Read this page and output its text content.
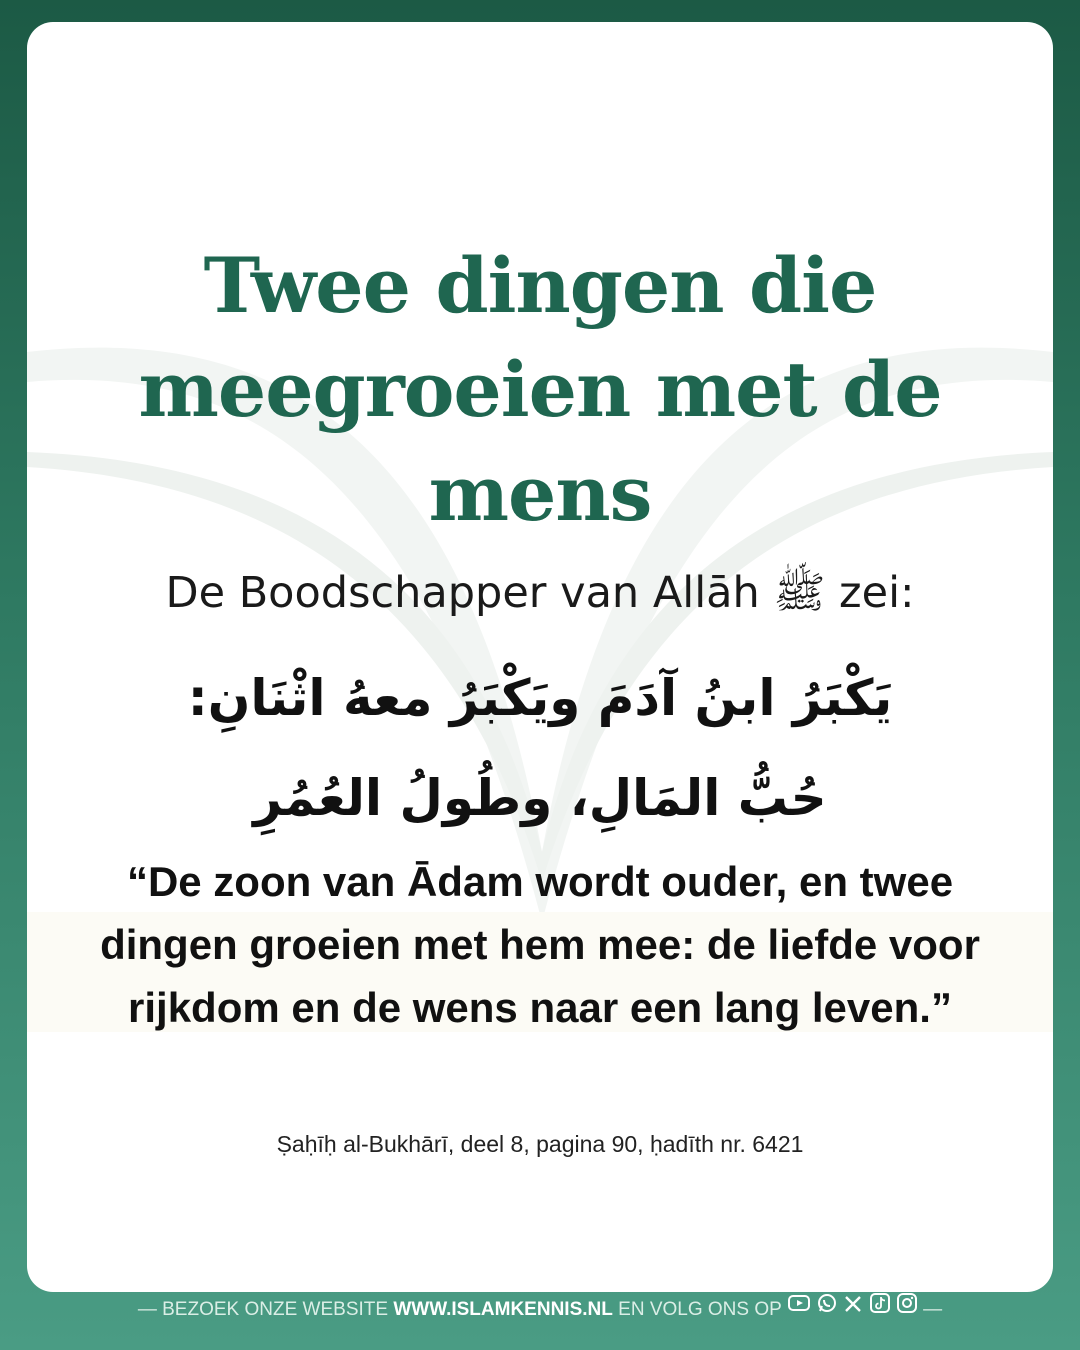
Twee dingen die meegroeien met de mens
De Boodschapper van Allāh ﷺ zei:
يَكْبَرُ ابنُ آدَمَ ويَكْبَرُ معهُ اثْنَانِ:
حُبُّ المَالِ، وطُولُ العُمُرِ
“De zoon van Ādam wordt ouder, en twee dingen groeien met hem mee: de liefde voor rijkdom en de wens naar een lang leven.”
Ṣaḥīḥ al-Bukhārī, deel 8, pagina 90, ḥadīth nr. 6421
— BEZOEK ONZE WEBSITE WWW.ISLAMKENNIS.NL EN VOLG ONS OP	—
